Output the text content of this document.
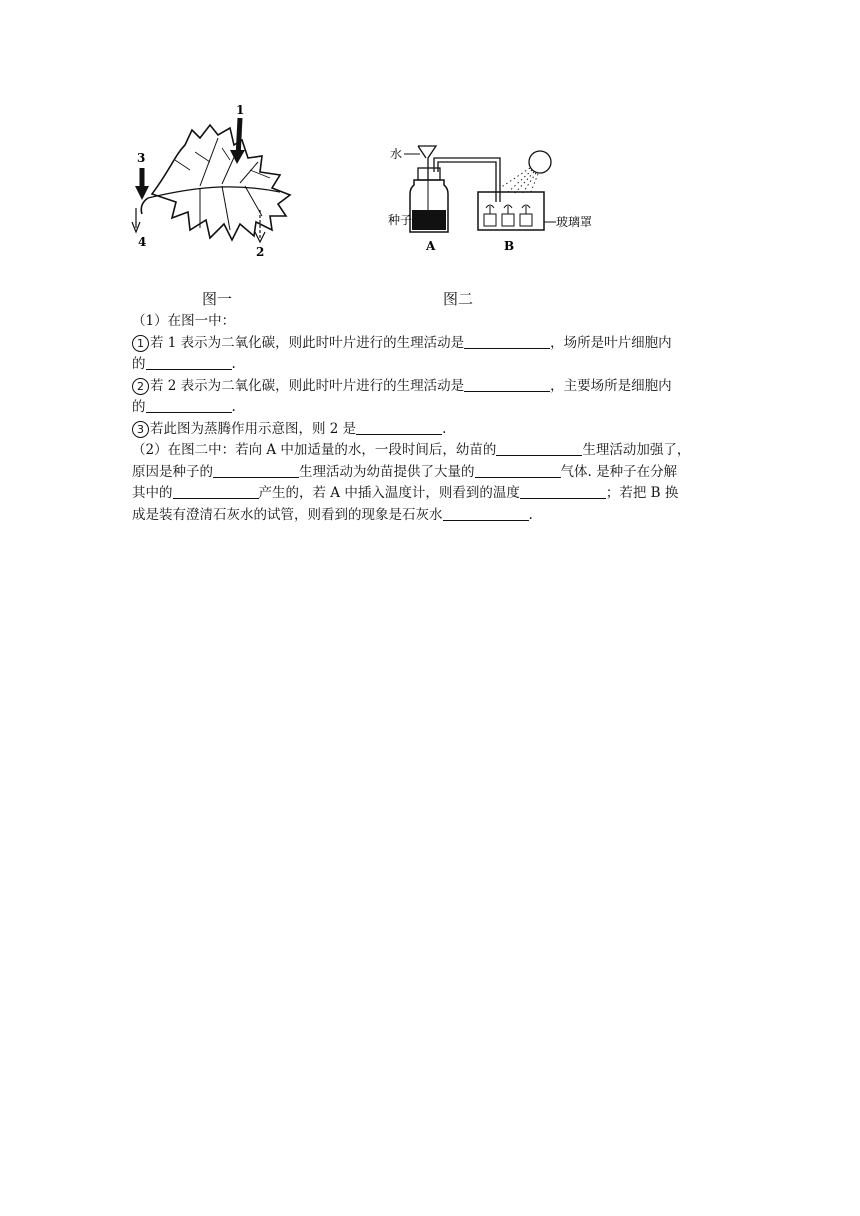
1
3
4
2
水
种子	玻璃罩
A	B
图一	图二
（1）在图一中：
1 若 1 表示为二氧化碳，则此时叶片进行的生理活动是	，场所是叶片细胞内
的	.
2 若 2 表示为二氧化碳，则此时叶片进行的生理活动是	，主要场所是细胞内
的	.
3 若此图为蒸腾作用示意图，则 2 是	.
（2）在图二中：若向 A 中加适量的水，一段时间后，幼苗的	生理活动加强了，
原因是种子的	生理活动为幼苗提供了大量的	气体. 是种子在分解
其中的	产生的，若 A 中插入温度计，则看到的温度	；若把 B 换
成是装有澄清石灰水的试管，则看到的现象是石灰水	.
